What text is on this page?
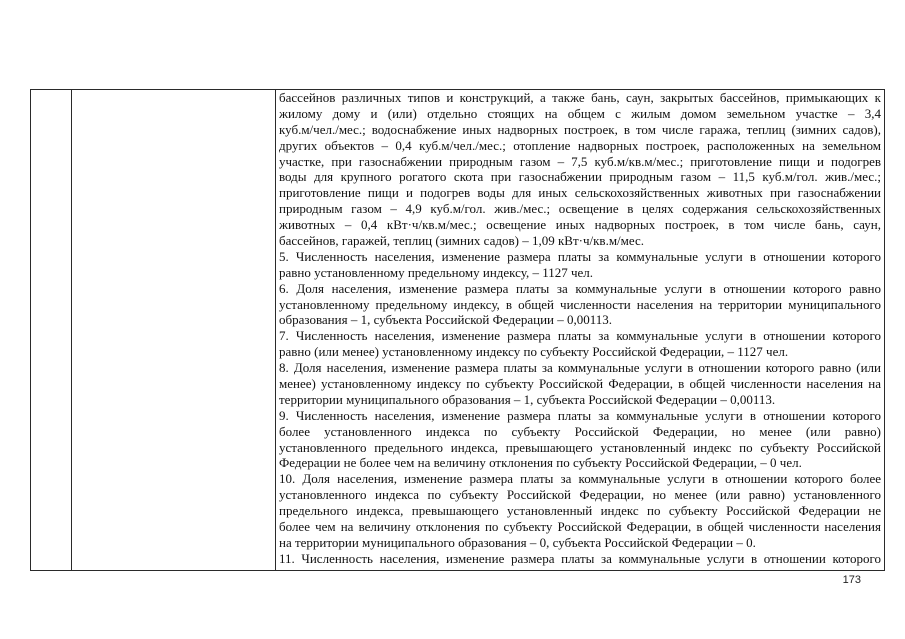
бассейнов различных типов и конструкций, а также бань, саун, закрытых бассейнов, примыкающих к
жилому дому и (или) отдельно стоящих на общем с жилым домом земельном участке – 3,4
куб.м/чел./мес.; водоснабжение иных надворных построек, в том числе гаража, теплиц (зимних садов),
других объектов – 0,4 куб.м/чел./мес.; отопление надворных построек, расположенных на земельном
участке, при газоснабжении природным газом – 7,5 куб.м/кв.м/мес.; приготовление пищи и подогрев
воды для крупного рогатого скота при газоснабжении природным газом – 11,5 куб.м/гол. жив./мес.;
приготовление пищи и подогрев воды для иных сельскохозяйственных животных при газоснабжении
природным газом – 4,9 куб.м/гол. жив./мес.; освещение в целях содержания сельскохозяйственных
животных – 0,4 кВт·ч/кв.м/мес.; освещение иных надворных построек, в том числе бань, саун,
бассейнов, гаражей, теплиц (зимних садов) – 1,09 кВт·ч/кв.м/мес.
5. Численность населения, изменение размера платы за коммунальные услуги в отношении которого
равно установленному предельному индексу, – 1127 чел.
6. Доля населения, изменение размера платы за коммунальные услуги в отношении которого равно
установленному предельному индексу, в общей численности населения на территории муниципального
образования – 1, субъекта Российской Федерации – 0,00113.
7. Численность населения, изменение размера платы за коммунальные услуги в отношении которого
равно (или менее) установленному индексу по субъекту Российской Федерации, – 1127 чел.
8. Доля населения, изменение размера платы за коммунальные услуги в отношении которого равно (или
менее) установленному индексу по субъекту Российской Федерации, в общей численности населения на
территории муниципального образования – 1, субъекта Российской Федерации – 0,00113.
9. Численность населения, изменение размера платы за коммунальные услуги в отношении которого
более установленного индекса по субъекту Российской Федерации, но менее (или равно)
установленного предельного индекса, превышающего установленный индекс по субъекту Российской
Федерации не более чем на величину отклонения по субъекту Российской Федерации, – 0 чел.
10. Доля населения, изменение размера платы за коммунальные услуги в отношении которого более
установленного индекса по субъекту Российской Федерации, но менее (или равно) установленного
предельного индекса, превышающего установленный индекс по субъекту Российской Федерации не
более чем на величину отклонения по субъекту Российской Федерации, в общей численности населения
на территории муниципального образования – 0, субъекта Российской Федерации – 0.
11. Численность населения, изменение размера платы за коммунальные услуги в отношении которого
173
